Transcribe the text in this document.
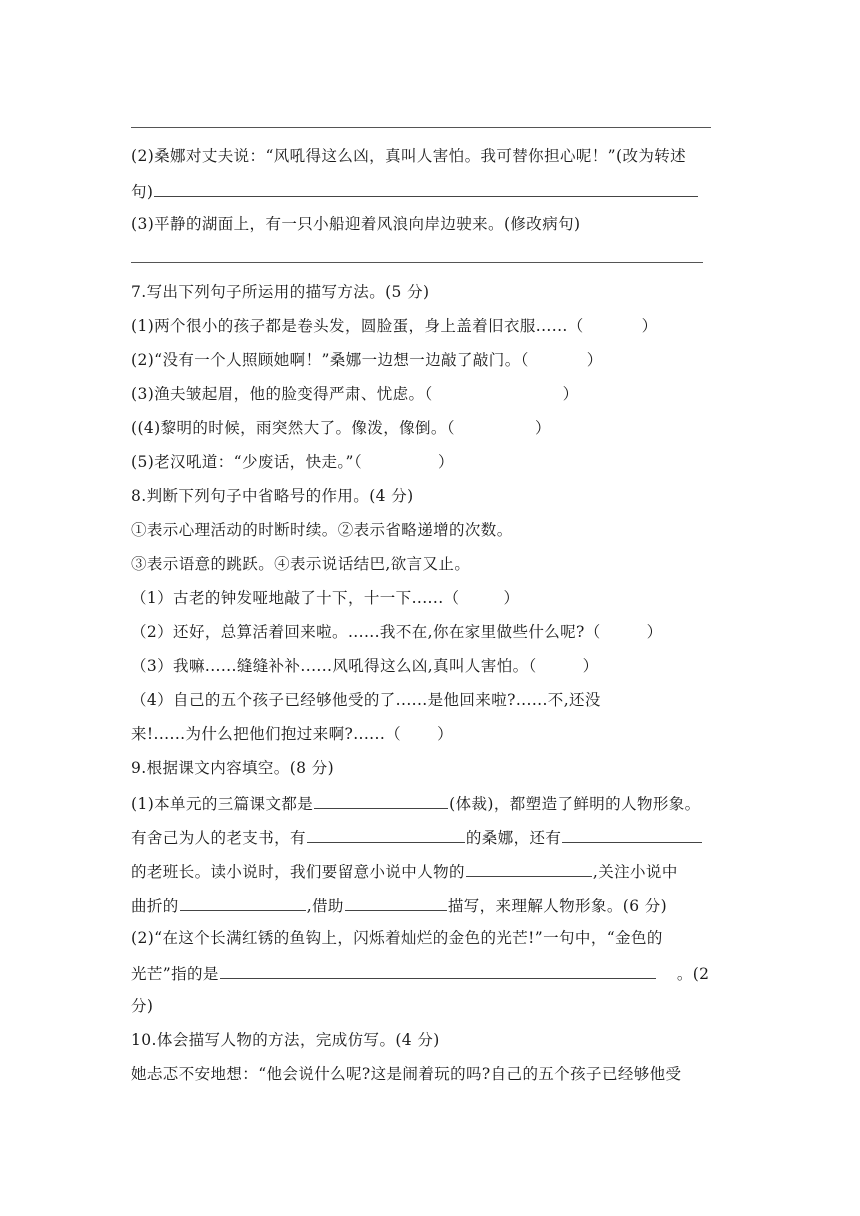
(2)桑娜对丈夫说：“风吼得这么凶，真叫人害怕。我可替你担心呢！”(改为转述
句)
(3)平静的湖面上，有一只小船迎着风浪向岸边驶来。(修改病句)
7.写出下列句子所运用的描写方法。(5 分)
(1)两个很小的孩子都是卷头发，圆脸蛋，身上盖着旧衣服......（	）
(2)“没有一个人照顾她啊！”桑娜一边想一边敲了敲门。（	）
(3)渔夫皱起眉，他的脸变得严肃、忧虑。（	）
((4)黎明的时候，雨突然大了。像泼，像倒。（	）
(5)老汉吼道：“少废话，快走。”（	）
8.判断下列句子中省略号的作用。(4 分)
①表示心理活动的时断时续。②表示省略递增的次数。
③表示语意的跳跃。④表示说话结巴,欲言又止。
（1）古老的钟发哑地敲了十下，十一下......（	）
（2）还好，总算活着回来啦。......我不在,你在家里做些什么呢?（	）
（3）我嘛......缝缝补补......风吼得这么凶,真叫人害怕。（	）
（4）自己的五个孩子已经够他受的了......是他回来啦?......不,还没
来!......为什么把他们抱过来啊?......（ ）
9.根据课文内容填空。(8 分)
(1)本单元的三篇课文都是	(体裁)，都塑造了鲜明的人物形象。
有舍己为人的老支书，有	的桑娜，还有
的老班长。读小说时，我们要留意小说中人物的	,关注小说中
曲折的	,借助	描写，来理解人物形象。(6 分)
(2)“在这个长满红锈的鱼钩上，闪烁着灿烂的金色的光芒!”一句中，“金色的
光芒”指的是	。(2
分)
10.体会描写人物的方法，完成仿写。(4 分)
她忐忑不安地想：“他会说什么呢?这是闹着玩的吗?自己的五个孩子已经够他受
